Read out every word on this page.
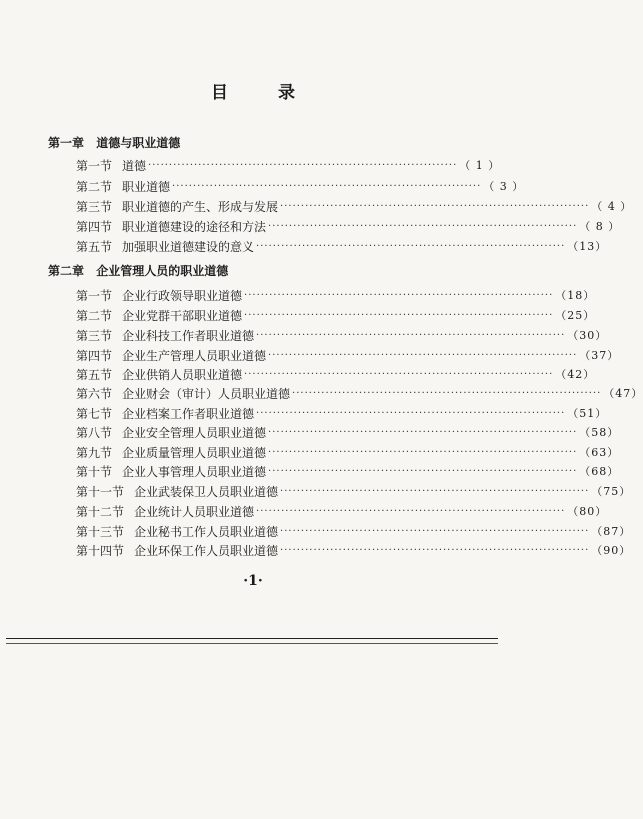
目 录
第一章 道德与职业道德
第一节 道德 ·········································································· （ 1 ）
第二节 职业道德 ·········································································· （ 3 ）
第三节 职业道德的产生、形成与发展 ·········································································· （ 4 ）
第四节 职业道德建设的途径和方法 ·········································································· （ 8 ）
第五节 加强职业道德建设的意义 ·········································································· （13）
第二章 企业管理人员的职业道德
第一节 企业行政领导职业道德 ·········································································· （18）
第二节 企业党群干部职业道德 ·········································································· （25）
第三节 企业科技工作者职业道德 ·········································································· （30）
第四节 企业生产管理人员职业道德 ·········································································· （37）
第五节 企业供销人员职业道德 ·········································································· （42）
第六节 企业财会（审计）人员职业道德 ·········································································· （47）
第七节 企业档案工作者职业道德 ·········································································· （51）
第八节 企业安全管理人员职业道德 ·········································································· （58）
第九节 企业质量管理人员职业道德 ·········································································· （63）
第十节 企业人事管理人员职业道德 ·········································································· （68）
第十一节 企业武装保卫人员职业道德 ·········································································· （75）
第十二节 企业统计人员职业道德 ·········································································· （80）
第十三节 企业秘书工作人员职业道德 ·········································································· （87）
第十四节 企业环保工作人员职业道德 ·········································································· （90）
·1·
